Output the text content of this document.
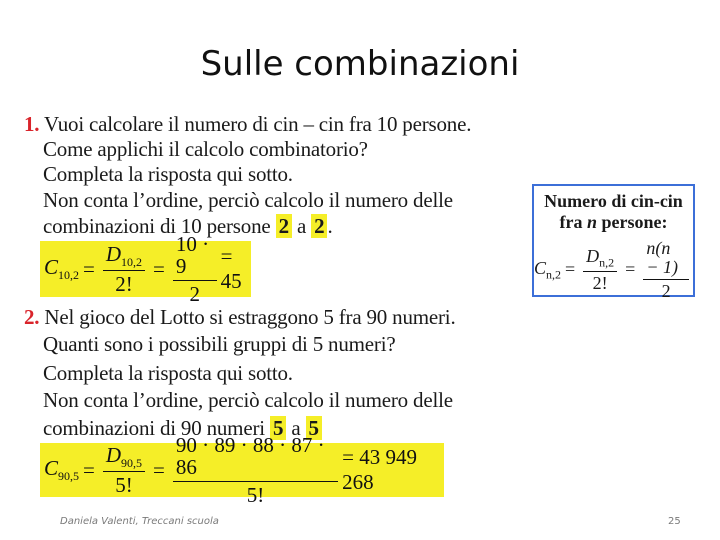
Sulle combinazioni
1. Vuoi calcolare il numero di cin – cin fra 10 persone.
Come applichi il calcolo combinatorio?
Completa la risposta qui sotto.
Non conta l’ordine, perciò calcolo il numero delle
combinazioni di 10 persone 2 a 2 .
$C_{10,2} = \frac{D_{10,2}}{2!} = \frac{10 \cdot 9}{2} = 45$
Numero di cin-cin
fra n persone:
$C_{n,2} = \frac{D_{n,2}}{2!} = \frac{n(n - 1)}{2}$
2. Nel gioco del Lotto si estraggono 5 fra 90 numeri.
Quanti sono i possibili gruppi di 5 numeri?
Completa la risposta qui sotto.
Non conta l’ordine, perciò calcolo il numero delle
combinazioni di 90 numeri 5 a 5
$C_{90,5} = \frac{D_{90,5}}{5!} = \frac{90 \cdot 89 \cdot 88 \cdot 87 \cdot 86}{5!} = 43$ 949 268
Daniela Valenti, Treccani scuola	25
